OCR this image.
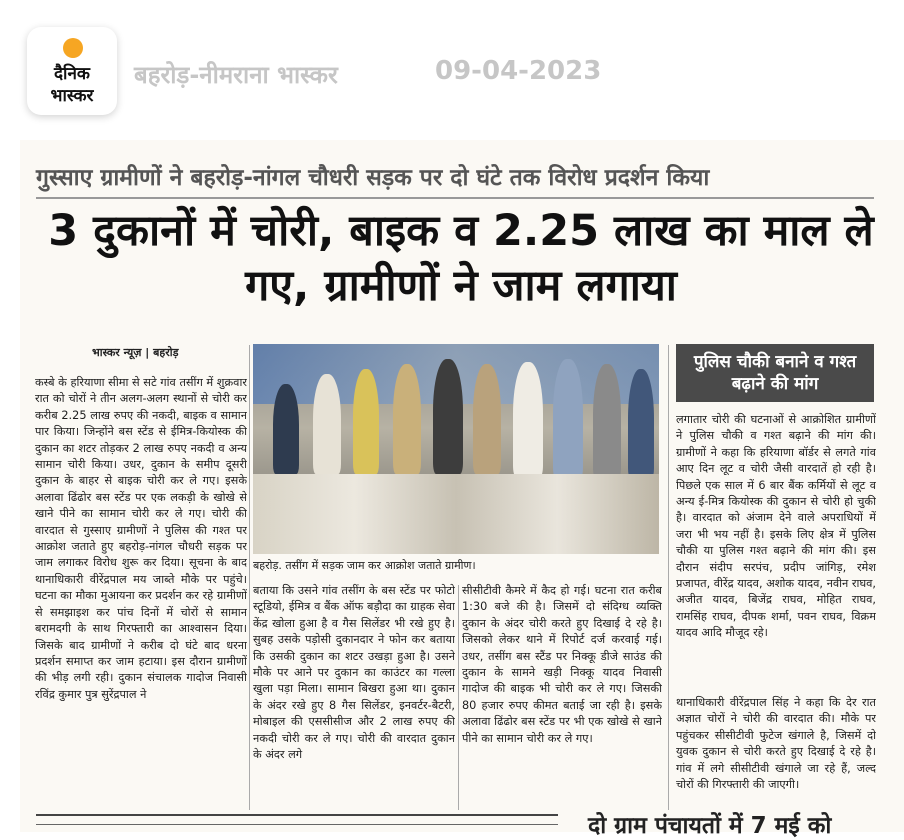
दैनिक
भास्कर
बहरोड़-नीमराना भास्कर	09-04-2023
गुस्साए ग्रामीणों ने बहरोड़-नांगल चौधरी सड़क पर दो घंटे तक विरोध प्रदर्शन किया
3 दुकानों में चोरी, बाइक व 2.25 लाख का माल ले गए, ग्रामीणों ने जाम लगाया
भास्कर न्यूज़ | बहरोड़
कस्बे के हरियाणा सीमा से सटे गांव तसींग में शुक्रवार रात को चोरों ने तीन अलग-अलग स्थानों से चोरी कर करीब 2.25 लाख रुपए की नकदी, बाइक व सामान पार किया। जिन्होंने बस स्टेंड से ईमित्र-कियोस्क की दुकान का शटर तोड़कर 2 लाख रुपए नकदी व अन्य सामान चोरी किया। उधर, दुकान के समीप दूसरी दुकान के बाहर से बाइक चोरी कर ले गए। इसके अलावा ढिंढोर बस स्टेंड पर एक लकड़ी के खोखे से खाने पीने का सामान चोरी कर ले गए। चोरी की वारदात से गुस्साए ग्रामीणों ने पुलिस की गश्त पर आक्रोश जताते हुए बहरोड़-नांगल चौधरी सड़क पर जाम लगाकर विरोध शुरू कर दिया। सूचना के बाद थानाधिकारी वीरेंद्रपाल मय जाब्ते मौके पर पहुंचे। घटना का मौका मुआयना कर प्रदर्शन कर रहे ग्रामीणों से समझाइश कर पांच दिनों में चोरों से सामान बरामदगी के साथ गिरफ्तारी का आश्वासन दिया। जिसके बाद ग्रामीणों ने करीब दो घंटे बाद धरना प्रदर्शन समाप्त कर जाम हटाया। इस दौरान ग्रामीणों की भीड़ लगी रही। दुकान संचालक गादोज निवासी रविंद्र कुमार पुत्र सुरेंद्रपाल ने
बहरोड़. तसींग में सड़क जाम कर आक्रोश जताते ग्रामीण।
बताया कि उसने गांव तसींग के बस स्टेंड पर फोटो स्टूडियो, ईमित्र व बैंक ऑफ बड़ौदा का ग्राहक सेवा केंद्र खोला हुआ है व गैस सिलेंडर भी रखे हुए है। सुबह उसके पड़ोसी दुकानदार ने फोन कर बताया कि उसकी दुकान का शटर उखड़ा हुआ है। उसने मौके पर आने पर दुकान का काउंटर का गल्ला खुला पड़ा मिला। सामान बिखरा हुआ था। दुकान के अंदर रखे हुए 8 गैस सिलेंडर, इनवर्टर-बैटरी, मोबाइल की एससीसीज और 2 लाख रुपए की नकदी चोरी कर ले गए। चोरी की वारदात दुकान के अंदर लगे
सीसीटीवी कैमरे में कैद हो गई। घटना रात करीब 1:30 बजे की है। जिसमें दो संदिग्ध व्यक्ति दुकान के अंदर चोरी करते हुए दिखाई दे रहे है। जिसको लेकर थाने में रिपोर्ट दर्ज करवाई गई। उधर, तसींग बस स्टैंड पर निक्कू डीजे साउंड की दुकान के सामने खड़ी निक्कू यादव निवासी गादोज की बाइक भी चोरी कर ले गए। जिसकी 80 हजार रुपए कीमत बताई जा रही है। इसके अलावा ढिंढोर बस स्टेंड पर भी एक खोखे से खाने पीने का सामान चोरी कर ले गए।
पुलिस चौकी बनाने व गश्त बढ़ाने की मांग
लगातार चोरी की घटनाओं से आक्रोशित ग्रामीणों ने पुलिस चौकी व गश्त बढ़ाने की मांग की। ग्रामीणों ने कहा कि हरियाणा बॉर्डर से लगते गांव आए दिन लूट व चोरी जैसी वारदातें हो रही है। पिछले एक साल में 6 बार बैंक कर्मियों से लूट व अन्य ई-मित्र कियोस्क की दुकान से चोरी हो चुकी है। वारदात को अंजाम देने वाले अपराधियों में जरा भी भय नहीं है। इसके लिए क्षेत्र में पुलिस चौकी या पुलिस गश्त बढ़ाने की मांग की। इस दौरान संदीप सरपंच, प्रदीप जांगिड़, रमेश प्रजापत, वीरेंद्र यादव, अशोक यादव, नवीन राघव, अजीत यादव, बिजेंद्र राघव, मोहित राघव, रामसिंह राघव, दीपक शर्मा, पवन राघव, विक्रम यादव आदि मौजूद रहे।
थानाधिकारी वीरेंद्रपाल सिंह ने कहा कि देर रात अज्ञात चोरों ने चोरी की वारदात की। मौके पर पहुंचकर सीसीटीवी फुटेज खंगाले है, जिसमें दो युवक दुकान से चोरी करते हुए दिखाई दे रहे है। गांव में लगे सीसीटीवी खंगाले जा रहे हैं, जल्द चोरों की गिरफ्तारी की जाएगी।
दो ग्राम पंचायतों में 7 मई को
